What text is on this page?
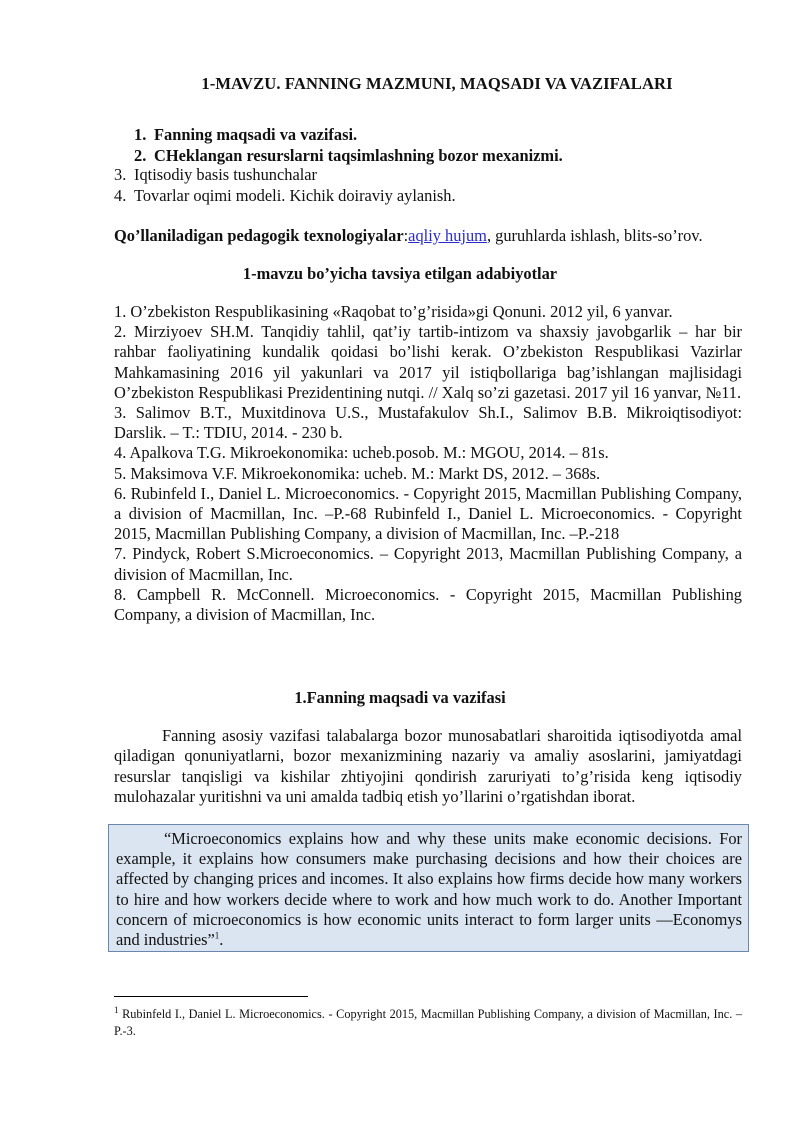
1-MAVZU. FANNING MAZMUNI, MAQSADI VA VAZIFALARI
1. Fanning maqsadi va vazifasi.
2. CHeklangan resurslarni taqsimlashning bozor mexanizmi.
3. Iqtisodiy basis tushunchalar
4. Tovarlar oqimi modeli. Kichik doiraviy aylanish.

Qo’llaniladigan pedagogik texnologiyalar:aqliy hujum, guruhlarda ishlash, blits-so’rov.

1-mavzu bo’yicha tavsiya etilgan adabiyotlar

1. O’zbekiston Respublikasining «Raqobat to’g’risida»gi Qonuni. 2012 yil, 6 yanvar.

2. Mirziyoev SH.M. Tanqidiy tahlil, qat’iy tartib-intizom va shaxsiy javobgarlik – har bir rahbar faoliyatining kundalik qoidasi bo’lishi kerak. O’zbekiston Respublikasi Vazirlar Mahkamasining 2016 yil yakunlari va 2017 yil istiqbollariga bag’ishlangan majlisidagi O’zbekiston Respublikasi Prezidentining nutqi. // Xalq so’zi gazetasi. 2017 yil 16 yanvar, №11.

3. Salimov B.T., Muxitdinova U.S., Mustafakulov Sh.I., Salimov B.B. Mikroiqtisodiyot: Darslik. – T.: TDIU, 2014. - 230 b.

4. Apalkova T.G. Mikroekonomika: ucheb.posob. M.: MGOU, 2014. – 81s.

5. Maksimova V.F. Mikroekonomika: ucheb. M.: Markt DS, 2012. – 368s.

6. Rubinfeld I., Daniel L. Microeconomics. - Copyright 2015, Macmillan Publishing Company, a division of Macmillan, Inc. –P.-68 Rubinfeld I., Daniel L. Microeconomics. - Copyright 2015, Macmillan Publishing Company, a division of Macmillan, Inc. –P.-218

7. Pindyck, Robert S.Microeconomics. – Copyright 2013, Macmillan Publishing Company, a division of Macmillan, Inc.

8. Campbell R. McConnell. Microeconomics. - Copyright 2015, Macmillan Publishing Company, a division of Macmillan, Inc.

1.Fanning maqsadi va vazifasi

Fanning asosiy vazifasi talabalarga bozor munosabatlari sharoitida iqtisodiyotda amal qiladigan qonuniyatlarni, bozor mexanizmining nazariy va amaliy asoslarini, jamiyatdagi resurslar tanqisligi va kishilar zhtiyojini qondirish zaruriyati to’g’risida keng iqtisodiy mulohazalar yuritishni va uni amalda tadbiq etish yo’llarini o’rgatishdan iborat.

“Microeconomics explains how and why these units make economic decisions. For example, it explains how consumers make purchasing decisions and how their choices are affected by changing prices and incomes. It also explains how firms decide how many workers to hire and how workers decide where to work and how much work to do. Another Important concern of microeconomics is how economic units interact to form larger units —Economys and industries”$^1$.

$^1$ Rubinfeld I., Daniel L. Microeconomics. - Copyright 2015, Macmillan Publishing Company, a division of Macmillan, Inc. –P.-3.
